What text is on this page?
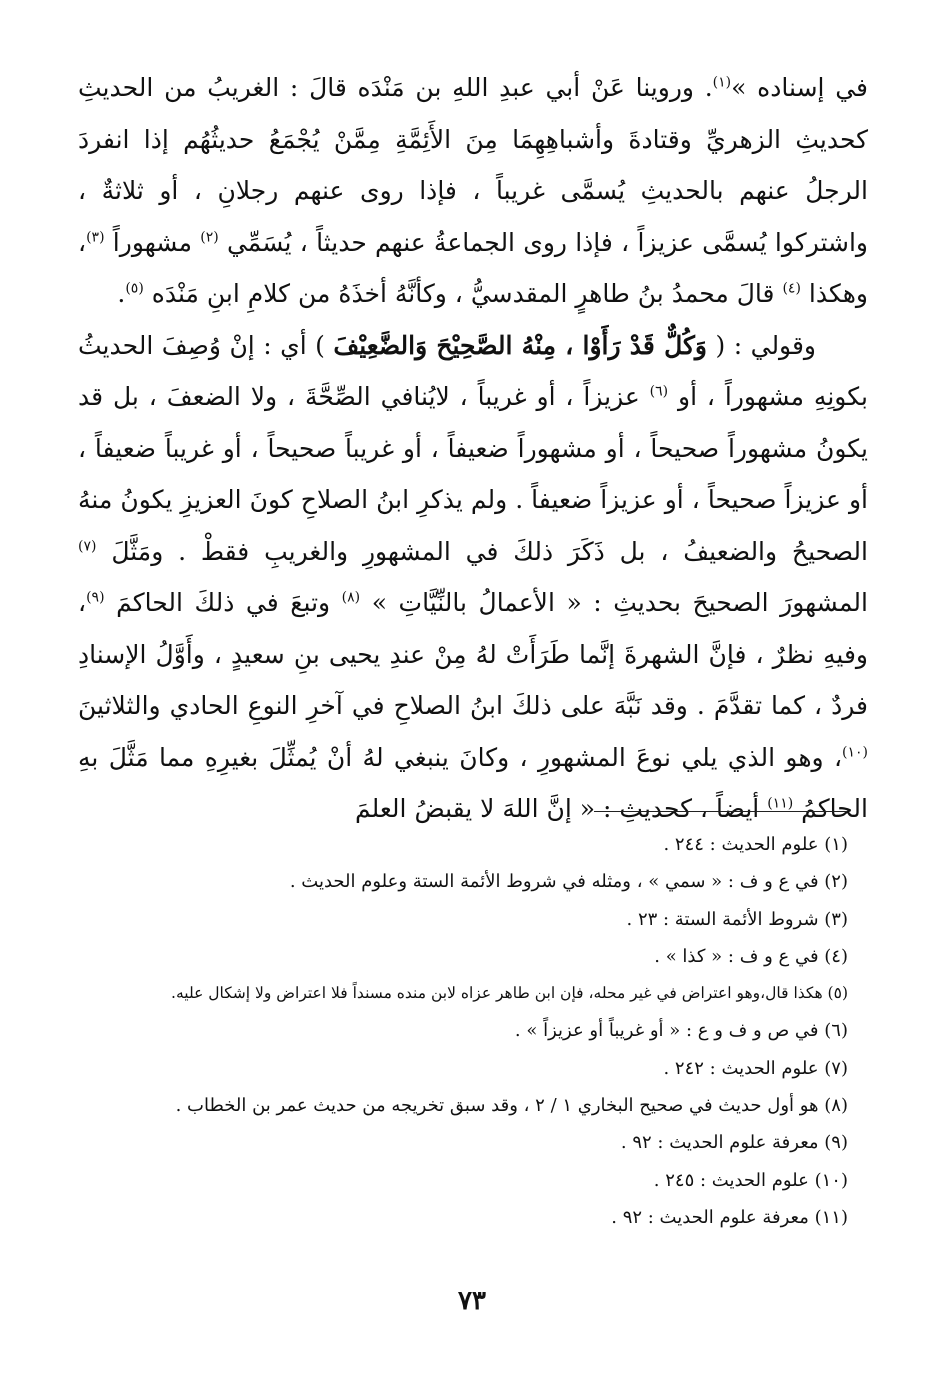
في إسناده »$^{(١)}$. وروينا عَنْ أبي عبدِ اللهِ بن مَنْدَه قالَ : الغريبُ من الحديثِ كحديثِ الزهريِّ وقتادةَ وأشباهِهِمَا مِنَ الأَئِمَّةِ مِمَّنْ يُجْمَعُ حديثُهُم إذا انفردَ الرجلُ عنهم بالحديثِ يُسمَّى غريباً ، فإذا روى عنهم رجلانِ ، أو ثلاثةٌ ، واشتركوا يُسمَّى عزيزاً ، فإذا روى الجماعةُ عنهم حديثاً ، يُسَمِّي $^{(٢)}$ مشهوراً $^{(٣)}$، وهكذا $^{(٤)}$ قالَ محمدُ بنُ طاهرٍ المقدسيُّ ، وكأنَّهُ أخذَهُ من كلامِ ابنِ مَنْدَه $^{(٥)}$.

وقولي : ( وَكُلٌّ قَدْ رَأَوْا ، مِنْهُ الصَّحِيْحَ وَالضَّعِيْفَ ) أي : إنْ وُصِفَ الحديثُ بكونِهِ مشهوراً ، أو $^{(٦)}$ عزيزاً ، أو غريباً ، لايُنافي الصِّحَّةَ ، ولا الضعفَ ، بل قد يكونُ مشهوراً صحيحاً ، أو مشهوراً ضعيفاً ، أو غريباً صحيحاً ، أو غريباً ضعيفاً ، أو عزيزاً صحيحاً ، أو عزيزاً ضعيفاً . ولم يذكرِ ابنُ الصلاحِ كونَ العزيزِ يكونُ منهُ الصحيحُ والضعيفُ ، بل ذَكَرَ ذلكَ في المشهورِ والغريبِ فقطْ . ومَثَّلَ $^{(٧)}$ المشهورَ الصحيحَ بحديثِ : « الأعمالُ بالنِّيَّاتِ » $^{(٨)}$ وتبعَ في ذلكَ الحاكمَ $^{(٩)}$، وفيهِ نظرٌ ، فإنَّ الشهرةَ إنَّما طَرَأَتْ لهُ مِنْ عندِ يحيى بنِ سعيدٍ ، وأَوَّلُ الإسنادِ فردٌ ، كما تقدَّمَ . وقد نَبَّهَ على ذلكَ ابنُ الصلاحِ في آخرِ النوعِ الحادي والثلاثينَ $^{(١٠)}$، وهو الذي يلي نوعَ المشهورِ ، وكانَ ينبغي لهُ أنْ يُمثِّلَ بغيرِهِ مما مَثَّلَ بهِ الحاكمُ $^{(١١)}$ أيضاً ، كحديثِ : « إنَّ اللهَ لا يقبضُ العلمَ

(١) علوم الحديث : ٢٤٤ .
(٢) في ع و ف : « سمي » ، ومثله في شروط الأئمة الستة وعلوم الحديث .
(٣) شروط الأئمة الستة : ٢٣ .
(٤) في ع و ف : « كذا » .
(٥) هكذا قال،وهو اعتراض في غير محله، فإن ابن طاهر عزاه لابن منده مسنداً فلا اعتراض ولا إشكال عليه.
(٦) في ص و ف و ع : « أو غريباً أو عزيزاً » .
(٧) علوم الحديث : ٢٤٢ .
(٨) هو أول حديث في صحيح البخاري ١ / ٢ ، وقد سبق تخريجه من حديث عمر بن الخطاب .
(٩) معرفة علوم الحديث : ٩٢ .
(١٠) علوم الحديث : ٢٤٥ .
(١١) معرفة علوم الحديث : ٩٢ .
٧٣
